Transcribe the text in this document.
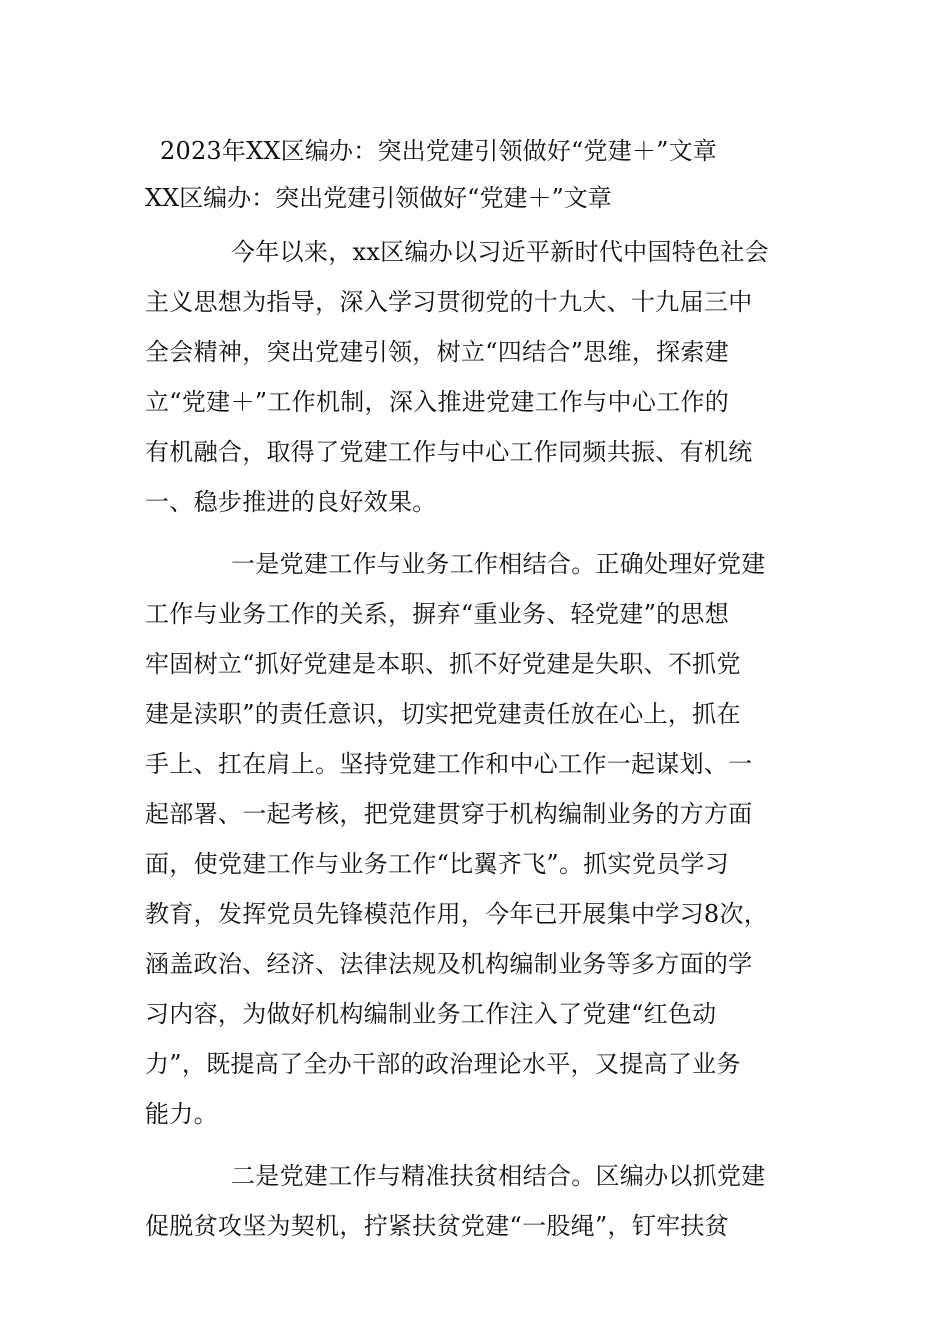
2023年XX区编办：突出党建引领做好“党建＋”文章
XX区编办：突出党建引领做好“党建＋”文章
今年以来，xx区编办以习近平新时代中国特色社会
主义思想为指导，深入学习贯彻党的十九大、十九届三中
全会精神，突出党建引领，树立“四结合”思维，探索建
立“党建＋”工作机制，深入推进党建工作与中心工作的
有机融合，取得了党建工作与中心工作同频共振、有机统
一、稳步推进的良好效果。
一是党建工作与业务工作相结合。正确处理好党建
工作与业务工作的关系，摒弃“重业务、轻党建”的思想
牢固树立“抓好党建是本职、抓不好党建是失职、不抓党
建是渎职”的责任意识，切实把党建责任放在心上，抓在
手上、扛在肩上。坚持党建工作和中心工作一起谋划、一
起部署、一起考核，把党建贯穿于机构编制业务的方方面
面，使党建工作与业务工作“比翼齐飞”。抓实党员学习
教育，发挥党员先锋模范作用，今年已开展集中学习8次，
涵盖政治、经济、法律法规及机构编制业务等多方面的学
习内容，为做好机构编制业务工作注入了党建“红色动
力”，既提高了全办干部的政治理论水平，又提高了业务
能力。
二是党建工作与精准扶贫相结合。区编办以抓党建
促脱贫攻坚为契机，拧紧扶贫党建“一股绳”，钉牢扶贫
